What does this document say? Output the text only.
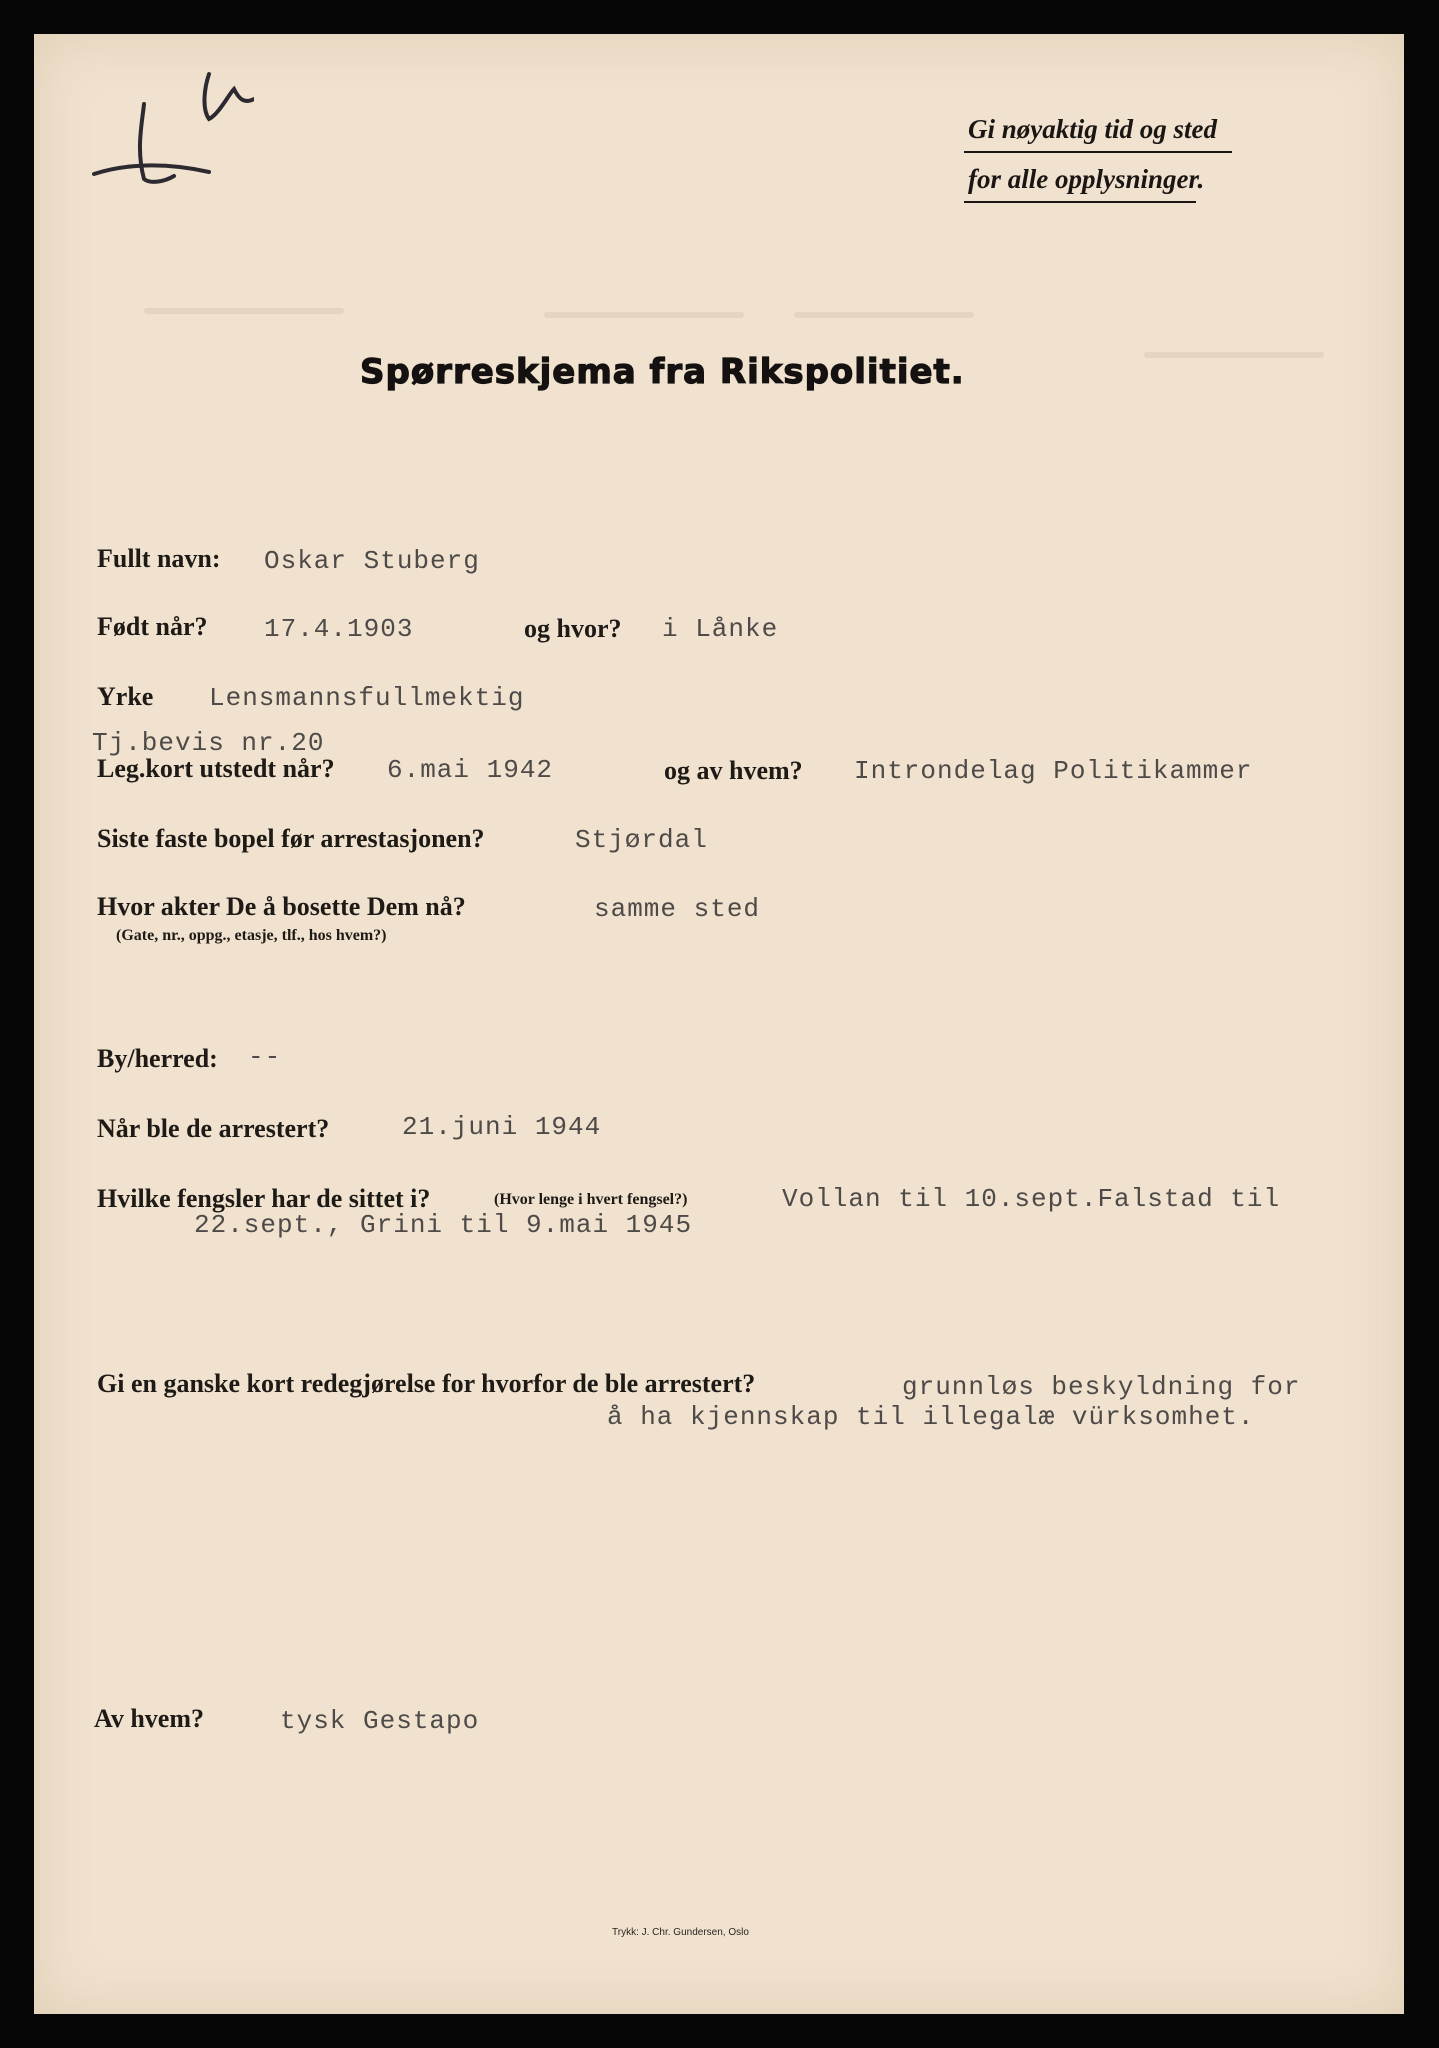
Gi nøyaktig tid og sted
for alle opplysninger.
Spørreskjema fra Rikspolitiet.
Fullt navn: Oskar Stuberg
Født når? 17.4.1903	og hvor? i Lånke
Yrke Lensmannsfullmektig
Tj.bevis nr.20
Leg.kort utstedt når? 6.mai 1942	og av hvem? Introndelag Politikammer
Siste faste bopel før arrestasjonen?	Stjørdal
Hvor akter De å bosette Dem nå?
(Gate, nr., oppg., etasje, tlf., hos hvem?)
samme sted
By/herred: --
Når ble de arrestert?	21.juni 1944
Hvilke fengsler har de sittet i?	(Hvor lenge i hvert fengsel?)	Vollan til 10.sept.Falstad til
22.sept., Grini til 9.mai 1945
Gi en ganske kort redegjørelse for hvorfor de ble arrestert?	grunnløs beskyldning for
å ha kjennskap til illegalæ vürksomhet.
Av hvem?	tysk Gestapo
Trykk: J. Chr. Gundersen, Oslo
